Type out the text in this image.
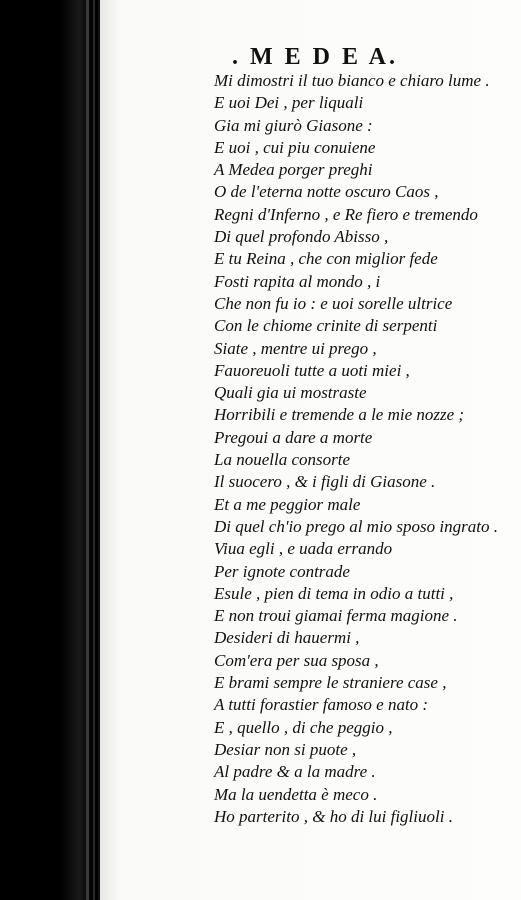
. M E D E A.
Mi dimostri il tuo bianco e chiaro lume .
E uoi Dei , per liquali
Gia mi giurò Giasone :
E uoi , cui piu conuiene
A Medea porger preghi
O de l'eterna notte oscuro Caos ,
Regni d'Inferno , e Re fiero e tremendo
Di quel profondo Abisso ,
E tu Reina , che con miglior fede
Fosti rapita al mondo , i
Che non fu io : e uoi sorelle ultrice
Con le chiome crinite di serpenti
Siate , mentre ui prego ,
Fauoreuoli tutte a uoti miei ,
Quali gia ui mostraste
Horribili e tremende a le mie nozze ;
Pregoui a dare a morte
La nouella consorte
Il suocero , & i figli di Giasone .
Et a me peggior male
Di quel ch'io prego al mio sposo ingrato .
Viua egli , e uada errando
Per ignote contrade
Esule , pien di tema in odio a tutti ,
E non troui giamai ferma magione .
Desideri di hauermi ,
Com'era per sua sposa ,
E brami sempre le straniere case ,
A tutti forastier famoso e nato :
E , quello , di che peggio ,
Desiar non si puote ,
Al padre & a la madre .
Ma la uendetta è meco .
Ho parterito , & ho di lui figliuoli .
